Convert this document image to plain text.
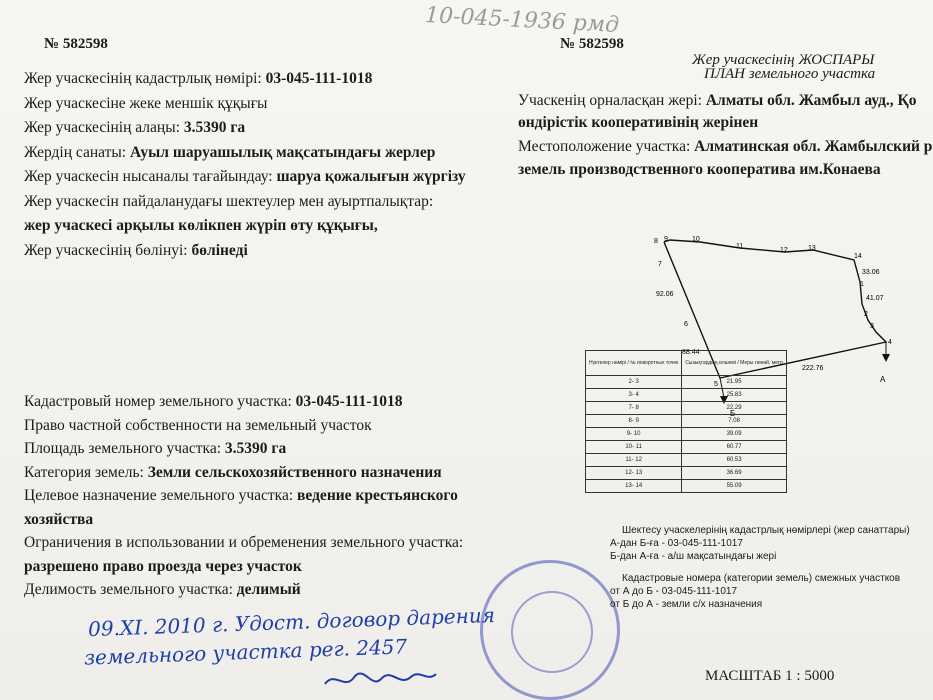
10-045-1936 рмд
№ 582598
Жер учаскесінің кадастрлық нөмірі: 03-045-111-1018
Жер учаскесіне жеке меншік құқығы
Жер учаскесінің алаңы: 3.5390 га
Жердің санаты: Ауыл шаруашылық мақсатындағы жерлер
Жер учаскесін нысаналы тағайындау: шаруа қожалығын жүргізу
Жер учаскесін пайдаланудағы шектеулер мен ауыртпалықтар:
жер учаскесі арқылы көлікпен жүріп өту құқығы,
Жер учаскесінің бөлінуі: бөлінеді
Кадастровый номер земельного участка: 03-045-111-1018
Право частной собственности на земельный участок
Площадь земельного участка: 3.5390 га
Категория земель: Земли сельскохозяйственного назначения
Целевое назначение земельного участка: ведение крестьянского
хозяйства
Ограничения в использовании и обременения земельного участка:
разрешено право проезда через участок
Делимость земельного участка: делимый
09.XI. 2010 г. Удост. договор дарения
земельного участка рег. 2457
№ 582598
Жер учаскесінің ЖОСПАРЫ
ПЛАН земельного участка
Учаскенің орналасқан жері: Алматы обл. Жамбыл ауд., Қо
өндірістік кооперативінің жерінен
Местоположение участка: Алматинская обл. Жамбылский р
земель производственного кооператива им.Конаева
1
2
3
4
5
6
7
8 9	10
11
12	13
14
92.06
88.44
222.76
33.06
41.07
А
Б
Нүктелер нөмірі / № поворотных точек	Сызықтардың өлшемі / Меры линий, метр
2- 3	21.95
3- 4	25.83
7- 8	22.29
8- 9	7.08
9- 10	39.09
10- 11	60.77
11- 12	60.53
12- 13	36.69
13- 14	55.09
Шектесу учаскелерінің кадастрлық нөмірлері (жер санаттары)
А-дан Б-ға - 03-045-111-1017
Б-дан А-ға - а/ш мақсатындағы жері
Кадастровые номера (категории земель) смежных участков
от А до Б - 03-045-111-1017
от Б до А - земли с/х назначения
МАСШТАБ 1 : 5000
